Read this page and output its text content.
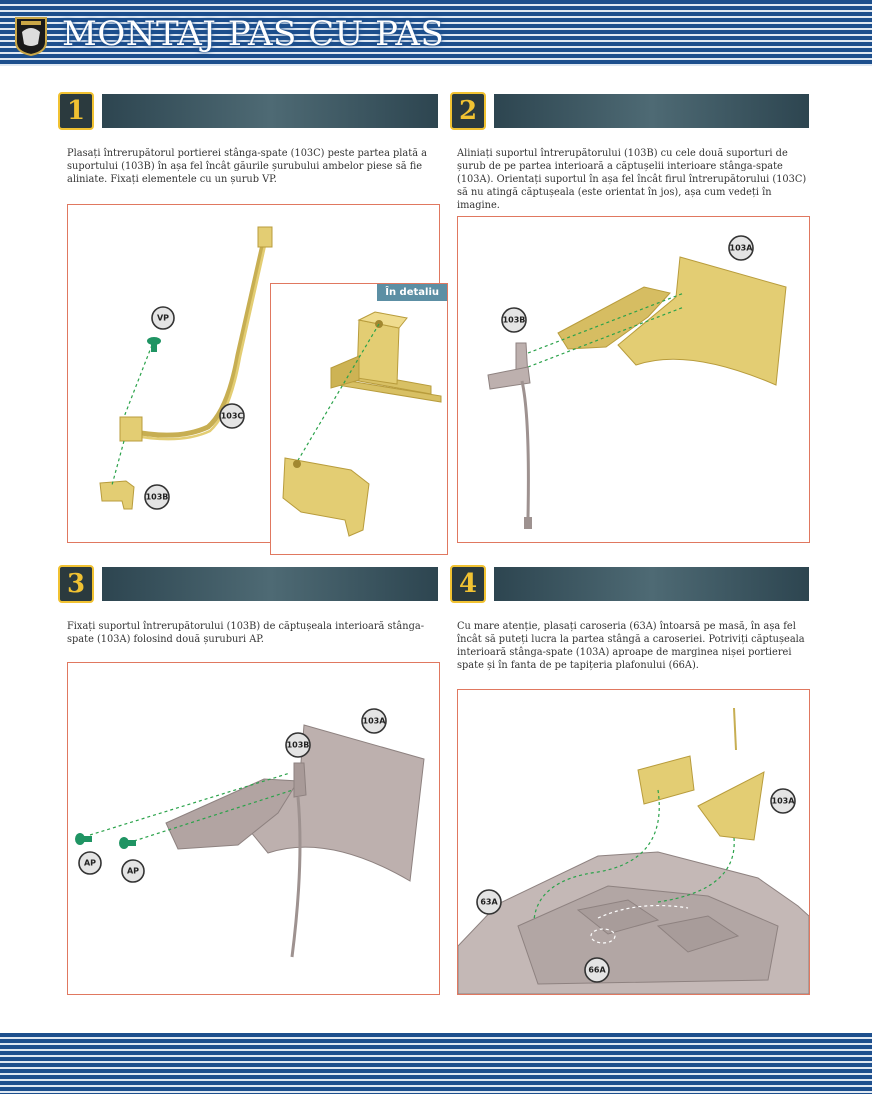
MONTAJ PAS CU PAS
1

Plasați întrerupătorul portierei stânga-spate (103C) peste partea plată a suportului (103B) în așa fel încât găurile șurubului ambelor piese să fie aliniate. Fixați elementele cu un șurub VP.

VP
103C
103B
În detaliu
2

Aliniați suportul întrerupătorului (103B) cu cele două suporturi de șurub de pe partea interioară a căptușelii interioare stânga-spate (103A). Orientați suportul în așa fel încât firul întrerupătorului (103C) să nu atingă căptușeala (este orientat în jos), așa cum vedeți în imagine.

103A
103B
3

Fixați suportul întrerupătorului (103B) de căptușeala interioară stânga-spate (103A) folosind două șuruburi AP.

103A
103B
AP
AP
4

Cu mare atenție, plasați caroseria (63A) întoarsă pe masă, în așa fel încât să puteți lucra la partea stângă a caroseriei. Potriviți căptușeala interioară stânga-spate (103A) aproape de marginea nișei portierei spate și în fanta de pe tapițeria plafonului (66A).

103A
63A
66A
